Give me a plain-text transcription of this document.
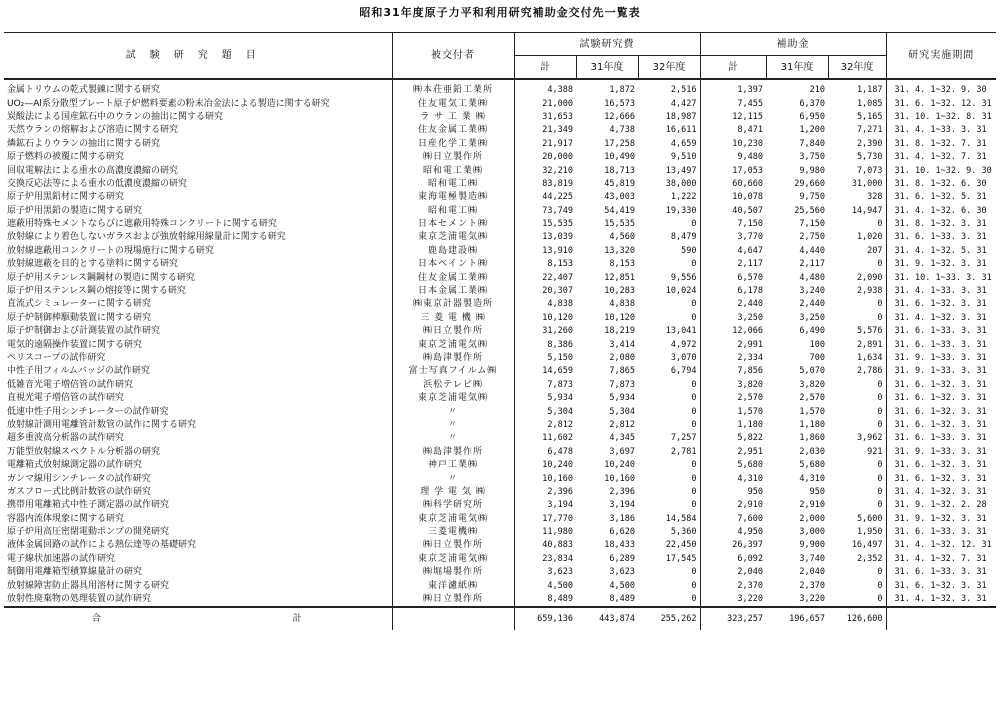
昭和31年度原子力平和利用研究補助金交付先一覧表
試験研究題目	被交付者	試験研究費			補助金			研究実施期間
		計	31年度	32年度	計	31年度	32年度	
金属トリウムの乾式製錬に関する研究	㈱本荘亜鉛工業所	4,388	1,872	2,516	1,397	210	1,187	31. 4. 1~32. 9. 30
UO₂—Al系分散型プレート原子炉燃料要素の粉末冶金法による製造に関する研究	住友電気工業㈱	21,000	16,573	4,427	7,455	6,370	1,085	31. 6. 1~32. 12. 31
炭酸法による国産鉱石中のウランの抽出に関する研究	ラ サ 工 業 ㈱	31,653	12,666	18,987	12,115	6,950	5,165	31. 10. 1~32. 8. 31
天然ウランの熔解および溶造に関する研究	住友金属工業㈱	21,349	4,738	16,611	8,471	1,200	7,271	31. 4. 1~33. 3. 31
燐鉱石よりウランの抽出に関する研究	日産化学工業㈱	21,917	17,258	4,659	10,230	7,840	2,390	31. 8. 1~32. 7. 31
原子燃料の被覆に関する研究	㈱日立製作所	20,000	10,490	9,510	9,480	3,750	5,730	31. 4. 1~32. 7. 31
回収電解法による重水の高濃度濃縮の研究	昭和電工業㈱	32,210	18,713	13,497	17,053	9,980	7,073	31. 10. 1~32. 9. 30
交換反応法等による重水の低濃度濃縮の研究	昭和電工㈱	83,819	45,819	38,000	60,660	29,660	31,000	31. 8. 1~32. 6. 30
原子炉用黒鉛材に関する研究	東海電極製造㈱	44,225	43,003	1,222	10,078	9,750	328	31. 6. 1~32. 5. 31
原子炉用黒鉛の製造に関する研究	昭和電工㈱	73,749	54,419	19,330	40,507	25,560	14,947	31. 4. 1~32. 6. 30
遮蔽用特殊セメントならびに遮蔽用特殊コンクリートに関する研究	日本セメント㈱	15,535	15,535	0	7,150	7,150	0	31. 8. 1~32. 3. 31
放射線により着色しないガラスおよび強放射線用線量計に関する研究	東京芝浦電気㈱	13,039	4,560	8,479	3,770	2,750	1,020	31. 6. 1~33. 3. 31
放射線遮蔽用コンクリートの現場施行に関する研究	鹿島建設㈱	13,910	13,320	590	4,647	4,440	207	31. 4. 1~32. 5. 31
放射線遮蔽を目的とする塗料に関する研究	日本ペイント㈱	8,153	8,153	0	2,117	2,117	0	31. 9. 1~32. 3. 31
原子炉用ステンレス鋼鋼材の製造に関する研究	住友金属工業㈱	22,407	12,851	9,556	6,570	4,480	2,090	31. 10. 1~33. 3. 31
原子炉用ステンレス鋼の熔接等に関する研究	日本金属工業㈱	20,307	10,283	10,024	6,178	3,240	2,938	31. 4. 1~33. 3. 31
直流式シミュレーターに関する研究	㈱東京計器製造所	4,838	4,838	0	2,440	2,440	0	31. 6. 1~32. 3. 31
原子炉制御棒駆動装置に関する研究	三 菱 電 機 ㈱	10,120	10,120	0	3,250	3,250	0	31. 4. 1~32. 3. 31
原子炉制御および計測装置の試作研究	㈱日立製作所	31,260	18,219	13,041	12,066	6,490	5,576	31. 6. 1~33. 3. 31
電気的遠隔操作装置に関する研究	東京芝浦電気㈱	8,386	3,414	4,972	2,991	100	2,891	31. 6. 1~33. 3. 31
ペリスコープの試作研究	㈱島津製作所	5,150	2,080	3,070	2,334	700	1,634	31. 9. 1~33. 3. 31
中性子用フィルムバッジの試作研究	富士写真フイルム㈱	14,659	7,865	6,794	7,856	5,070	2,786	31. 9. 1~33. 3. 31
低雑音光電子増倍管の試作研究	浜松テレビ㈱	7,873	7,873	0	3,820	3,820	0	31. 6. 1~32. 3. 31
直視光電子増倍管の試作研究	東京芝浦電気㈱	5,934	5,934	0	2,570	2,570	0	31. 6. 1~32. 3. 31
低速中性子用シンチレーターの試作研究	〃	5,304	5,304	0	1,570	1,570	0	31. 6. 1~32. 3. 31
放射線計測用電離管計数管の試作に関する研究	〃	2,812	2,812	0	1,180	1,180	0	31. 6. 1~32. 3. 31
超多重波高分析器の試作研究	〃	11,602	4,345	7,257	5,822	1,860	3,962	31. 6. 1~33. 3. 31
万能型放射線スペクトル分析器の研究	㈱島津製作所	6,478	3,697	2,781	2,951	2,030	921	31. 9. 1~33. 3. 31
電離箱式放射線測定器の試作研究	神戸工業㈱	10,240	10,240	0	5,680	5,680	0	31. 6. 1~32. 3. 31
ガンマ線用シンチレータの試作研究	〃	10,160	10,160	0	4,310	4,310	0	31. 6. 1~32. 3. 31
ガスフロー式比例計数管の試作研究	理 学 電 気 ㈱	2,396	2,396	0	950	950	0	31. 4. 1~32. 3. 31
携帯用電離箱式中性子測定器の試作研究	㈱科学研究所	3,194	3,194	0	2,910	2,910	0	31. 9. 1~32. 2. 28
容器内流体現象に関する研究	東京芝浦電気㈱	17,770	3,186	14,584	7,600	2,000	5,600	31. 9. 1~32. 3. 31
原子炉用高圧密閉電動ポンプの開発研究	三菱電機㈱	11,980	6,620	5,360	4,950	3,000	1,950	31. 6. 1~33. 3. 31
液体金属回路の試作による熱伝達等の基礎研究	㈱日立製作所	40,883	18,433	22,450	26,397	9,900	16,497	31. 4. 1~32. 12. 31
電子線状加速器の試作研究	東京芝浦電気㈱	23,834	6,289	17,545	6,092	3,740	2,352	31. 4. 1~32. 7. 31
制御用電離箱型積算線量計の研究	㈱堀場製作所	3,623	3,623	0	2,040	2,040	0	31. 6. 1~33. 3. 31
放射線障害防止器具用溶材に関する研究	東洋濾紙㈱	4,500	4,500	0	2,370	2,370	0	31. 6. 1~32. 3. 31
放射性廃棄物の処理装置の試作研究	㈱日立製作所	8,489	8,489	0	3,220	3,220	0	31. 4. 1~32. 3. 31
合 計		659,136	443,874	255,262	323,257	196,657	126,600	
